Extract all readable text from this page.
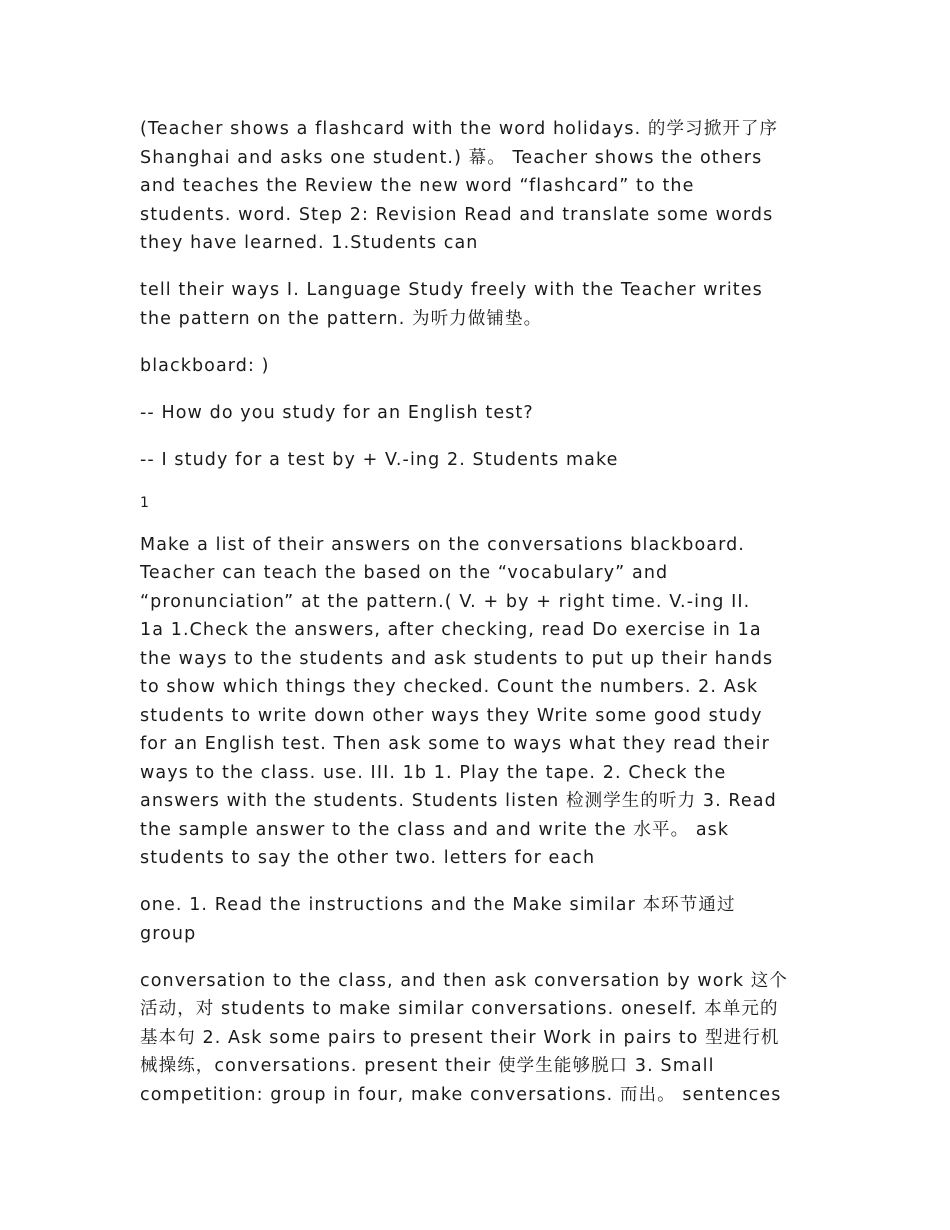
(Teacher shows a flashcard with the word holidays. 的学习掀开了序
Shanghai and asks one student.) 幕。 Teacher shows the others
and teaches the Review the new word “flashcard” to the
students. word. Step 2: Revision Read and translate some words
they have learned. 1.Students can

tell their ways I. Language Study freely with the Teacher writes
the pattern on the pattern. 为听力做铺垫。

blackboard: )

-- How do you study for an English test?

-- I study for a test by + V.-ing 2. Students make

1

Make a list of their answers on the conversations blackboard.
Teacher can teach the based on the “vocabulary” and
“pronunciation” at the pattern.( V. + by + right time. V.-ing II.
1a 1.Check the answers, after checking, read Do exercise in 1a
the ways to the students and ask students to put up their hands
to show which things they checked. Count the numbers. 2. Ask
students to write down other ways they Write some good study
for an English test. Then ask some to ways what they read their
ways to the class. use. III. 1b 1. Play the tape. 2. Check the
answers with the students. Students listen 检测学生的听力 3. Read
the sample answer to the class and and write the 水平。 ask
students to say the other two. letters for each

one. 1. Read the instructions and the Make similar 本环节通过
group

conversation to the class, and then ask conversation by work 这个
活动，对 students to make similar conversations. oneself. 本单元的
基本句 2. Ask some pairs to present their Work in pairs to 型进行机
械操练，conversations. present their 使学生能够脱口 3. Small
competition: group in four, make conversations. 而出。 sentences
